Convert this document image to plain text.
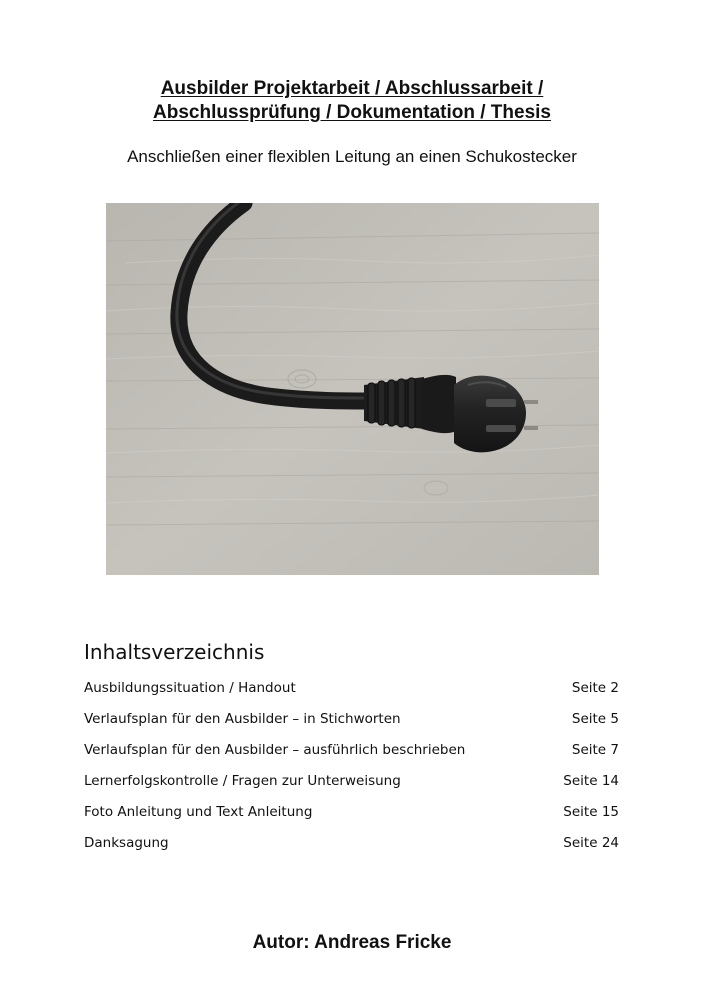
Ausbilder Projektarbeit / Abschlussarbeit /
Abschlussprüfung / Dokumentation / Thesis

Anschließen einer flexiblen Leitung an einen Schukostecker

Inhaltsverzeichnis
Ausbildungssituation / Handout	Seite 2
Verlaufsplan für den Ausbilder – in Stichworten	Seite 5
Verlaufsplan für den Ausbilder – ausführlich beschrieben	Seite 7
Lernerfolgskontrolle / Fragen zur Unterweisung	Seite 14
Foto Anleitung und Text Anleitung	Seite 15
Danksagung	Seite 24

Autor: Andreas Fricke
